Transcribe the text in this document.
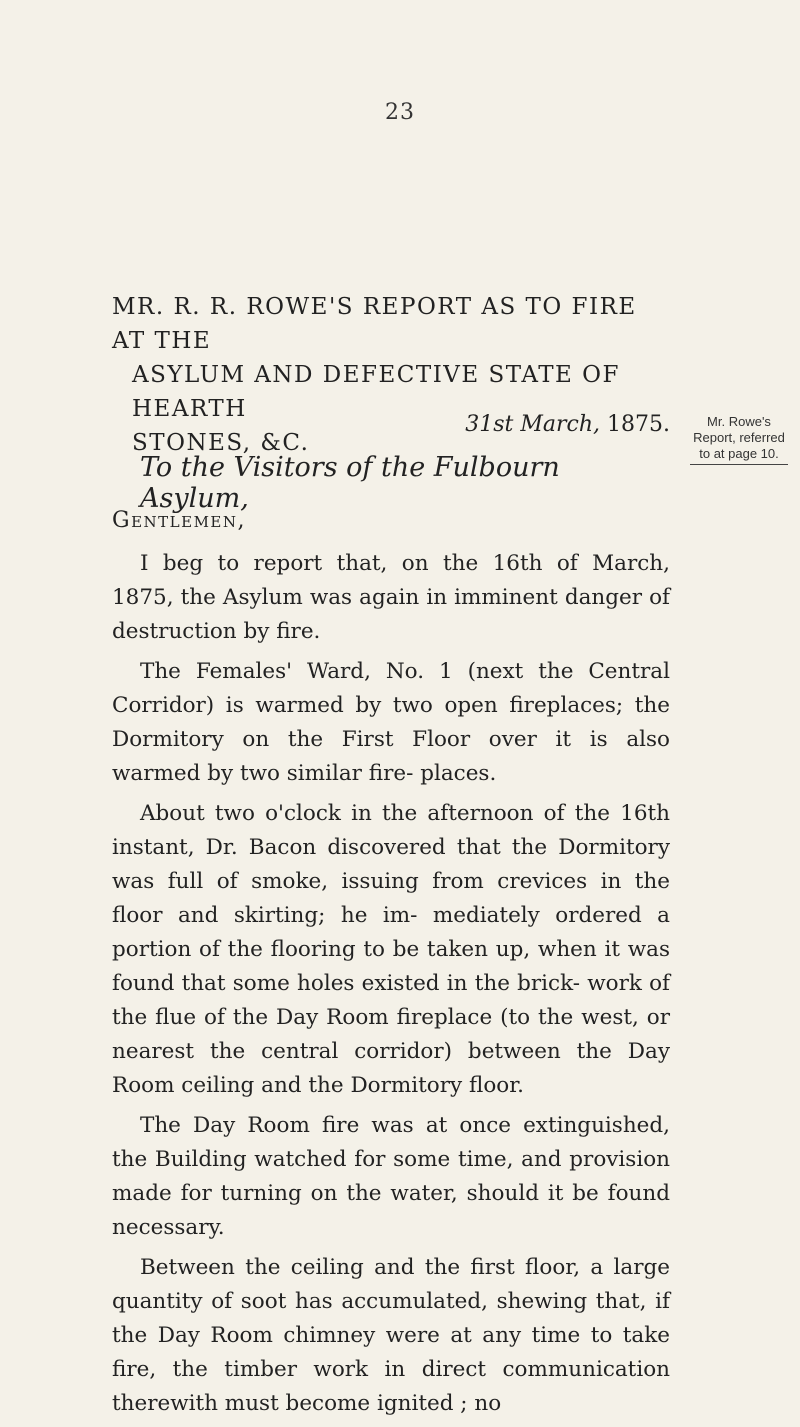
23
MR. R. R. ROWE'S REPORT AS TO FIRE AT THE
ASYLUM AND DEFECTIVE STATE OF HEARTH
STONES, &C.
31st March, 1875.
To the Visitors of the Fulbourn Asylum,
Mr. Rowe's
Report, referred
to at page 10.
Gentlemen,

I beg to report that, on the 16th of March, 1875, the Asylum was again in imminent danger of destruction by fire.

The Females' Ward, No. 1 (next the Central Corridor) is warmed by two open fireplaces; the Dormitory on the First Floor over it is also warmed by two similar fire- places.

About two o'clock in the afternoon of the 16th instant, Dr. Bacon discovered that the Dormitory was full of smoke, issuing from crevices in the floor and skirting; he im- mediately ordered a portion of the flooring to be taken up, when it was found that some holes existed in the brick- work of the flue of the Day Room fireplace (to the west, or nearest the central corridor) between the Day Room ceiling and the Dormitory floor.

The Day Room fire was at once extinguished, the Building watched for some time, and provision made for turning on the water, should it be found necessary.

Between the ceiling and the first floor, a large quantity of soot has accumulated, shewing that, if the Day Room chimney were at any time to take fire, the timber work in direct communication therewith must become ignited ; no
